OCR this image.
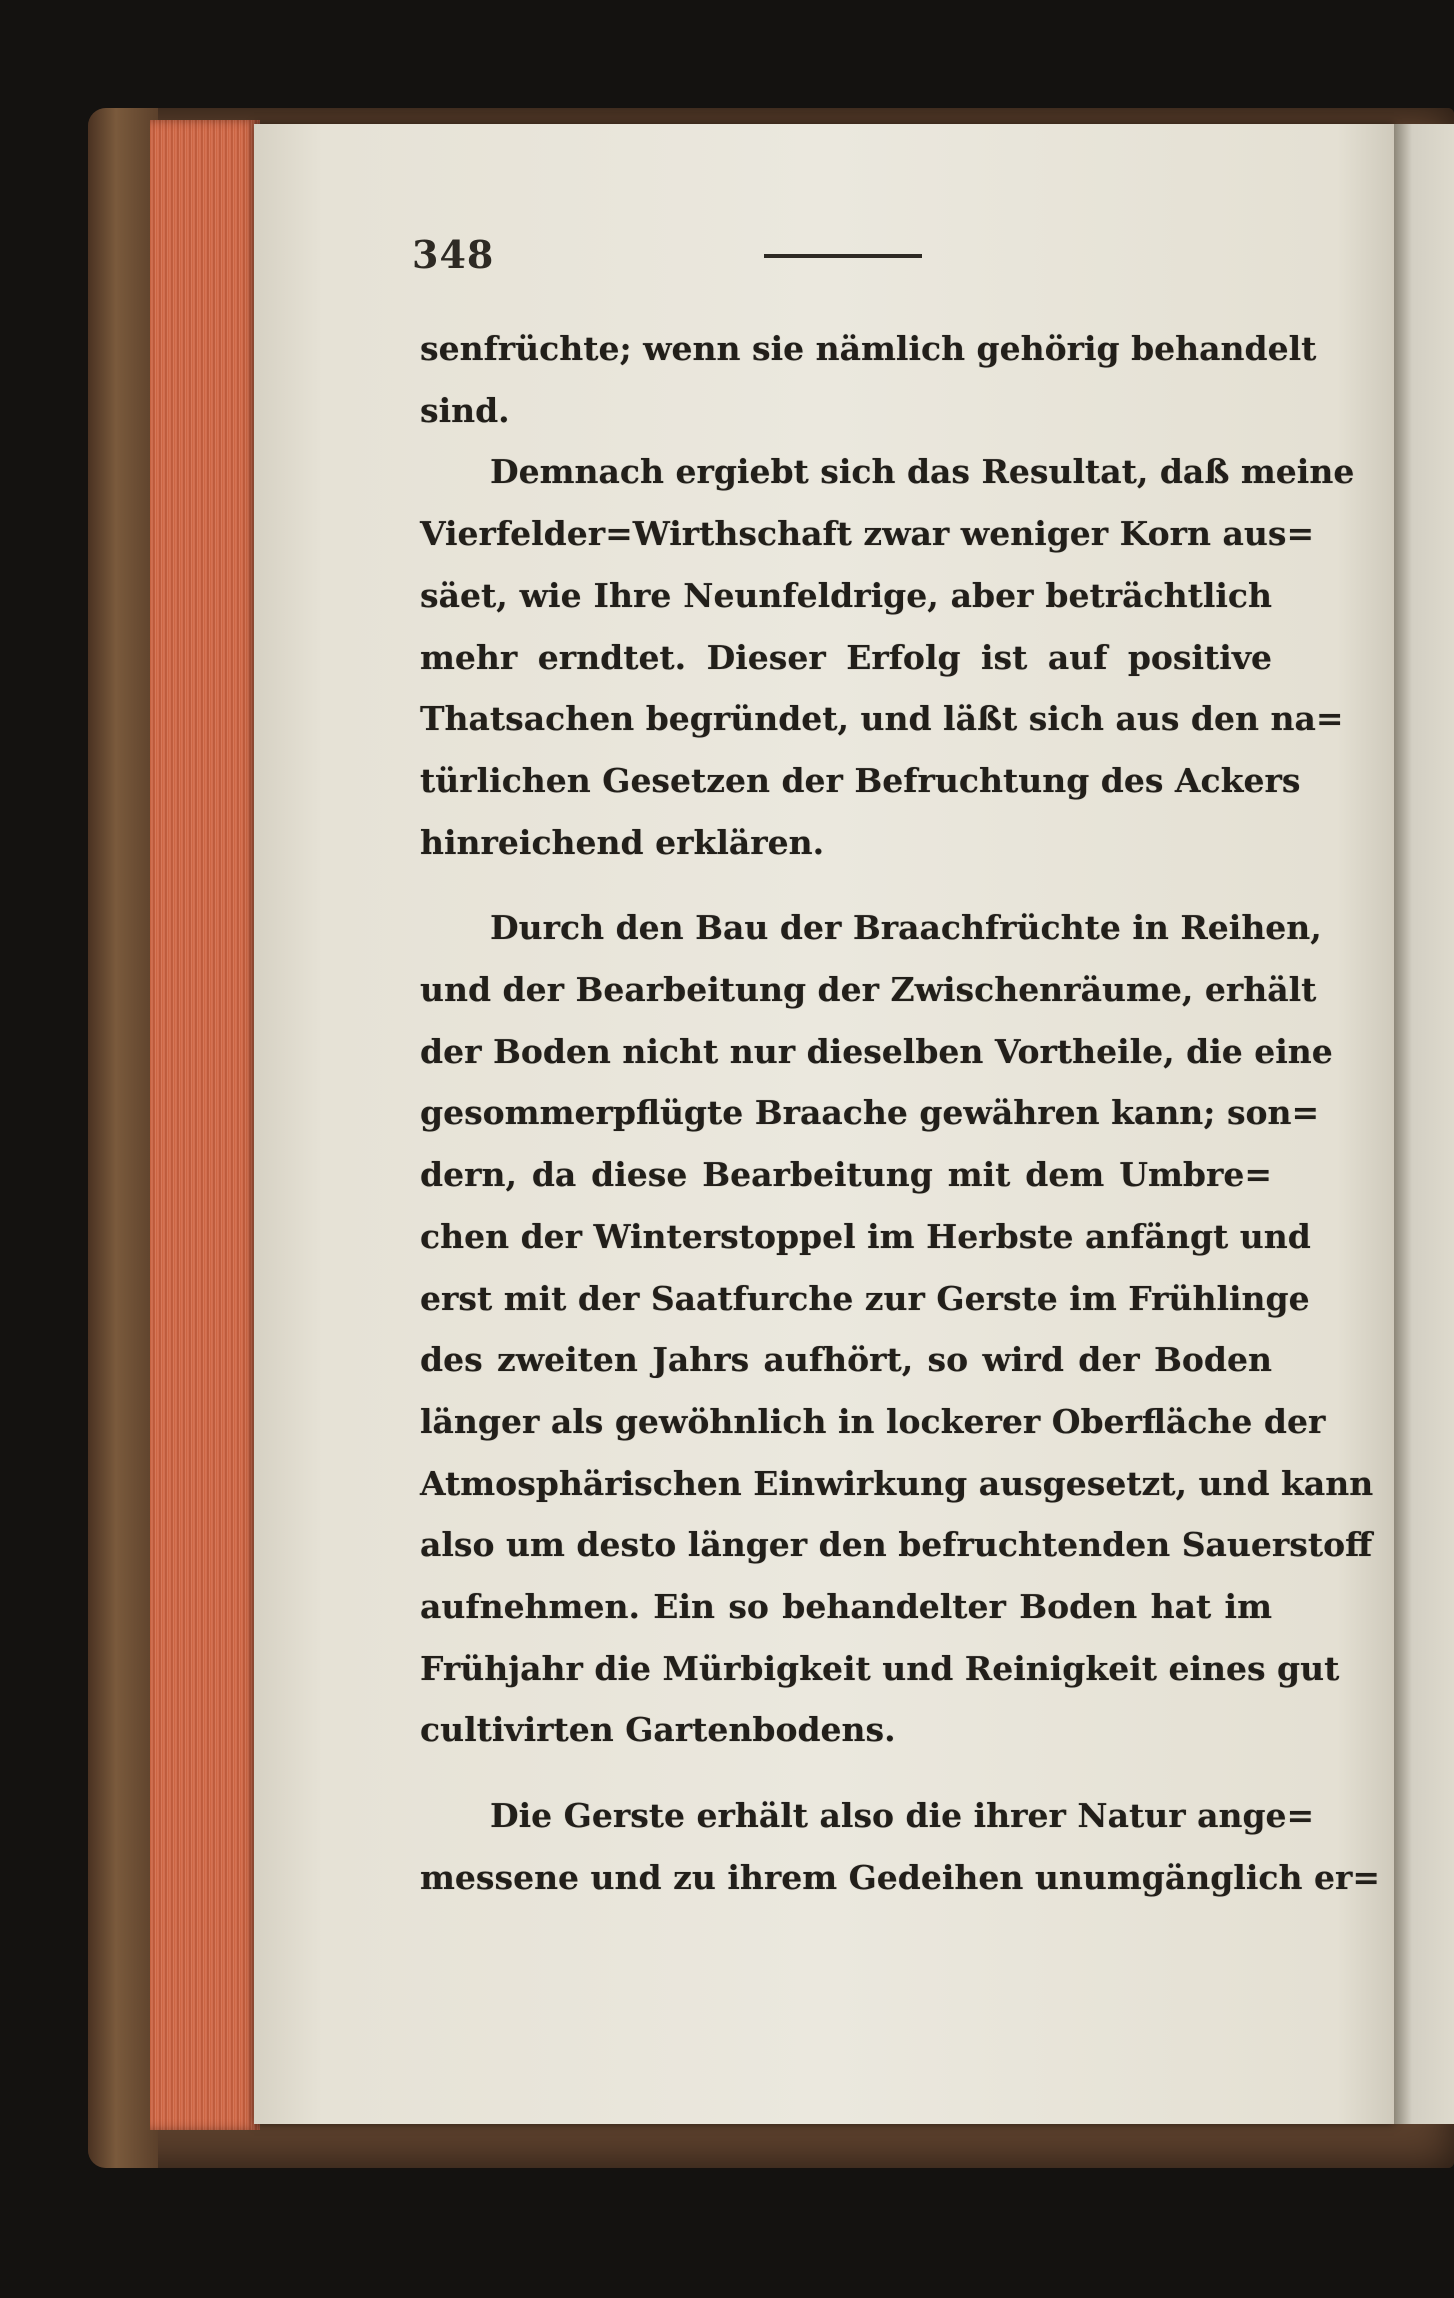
348
senfrüchte; wenn sie nämlich gehörig behandelt
sind.
Demnach ergiebt sich das Resultat, daß meine
Vierfelder=Wirthschaft zwar weniger Korn aus=
säet, wie Ihre Neunfeldrige, aber beträchtlich
mehr erndtet. Dieser Erfolg ist auf positive
Thatsachen begründet, und läßt sich aus den na=
türlichen Gesetzen der Befruchtung des Ackers
hinreichend erklären.
Durch den Bau der Braachfrüchte in Reihen,
und der Bearbeitung der Zwischenräume, erhält
der Boden nicht nur dieselben Vortheile, die eine
gesommerpflügte Braache gewähren kann; son=
dern, da diese Bearbeitung mit dem Umbre=
chen der Winterstoppel im Herbste anfängt und
erst mit der Saatfurche zur Gerste im Frühlinge
des zweiten Jahrs aufhört, so wird der Boden
länger als gewöhnlich in lockerer Oberfläche der
Atmosphärischen Einwirkung ausgesetzt, und kann
also um desto länger den befruchtenden Sauerstoff
aufnehmen. Ein so behandelter Boden hat im
Frühjahr die Mürbigkeit und Reinigkeit eines gut
cultivirten Gartenbodens.
Die Gerste erhält also die ihrer Natur ange=
messene und zu ihrem Gedeihen unumgänglich er=
